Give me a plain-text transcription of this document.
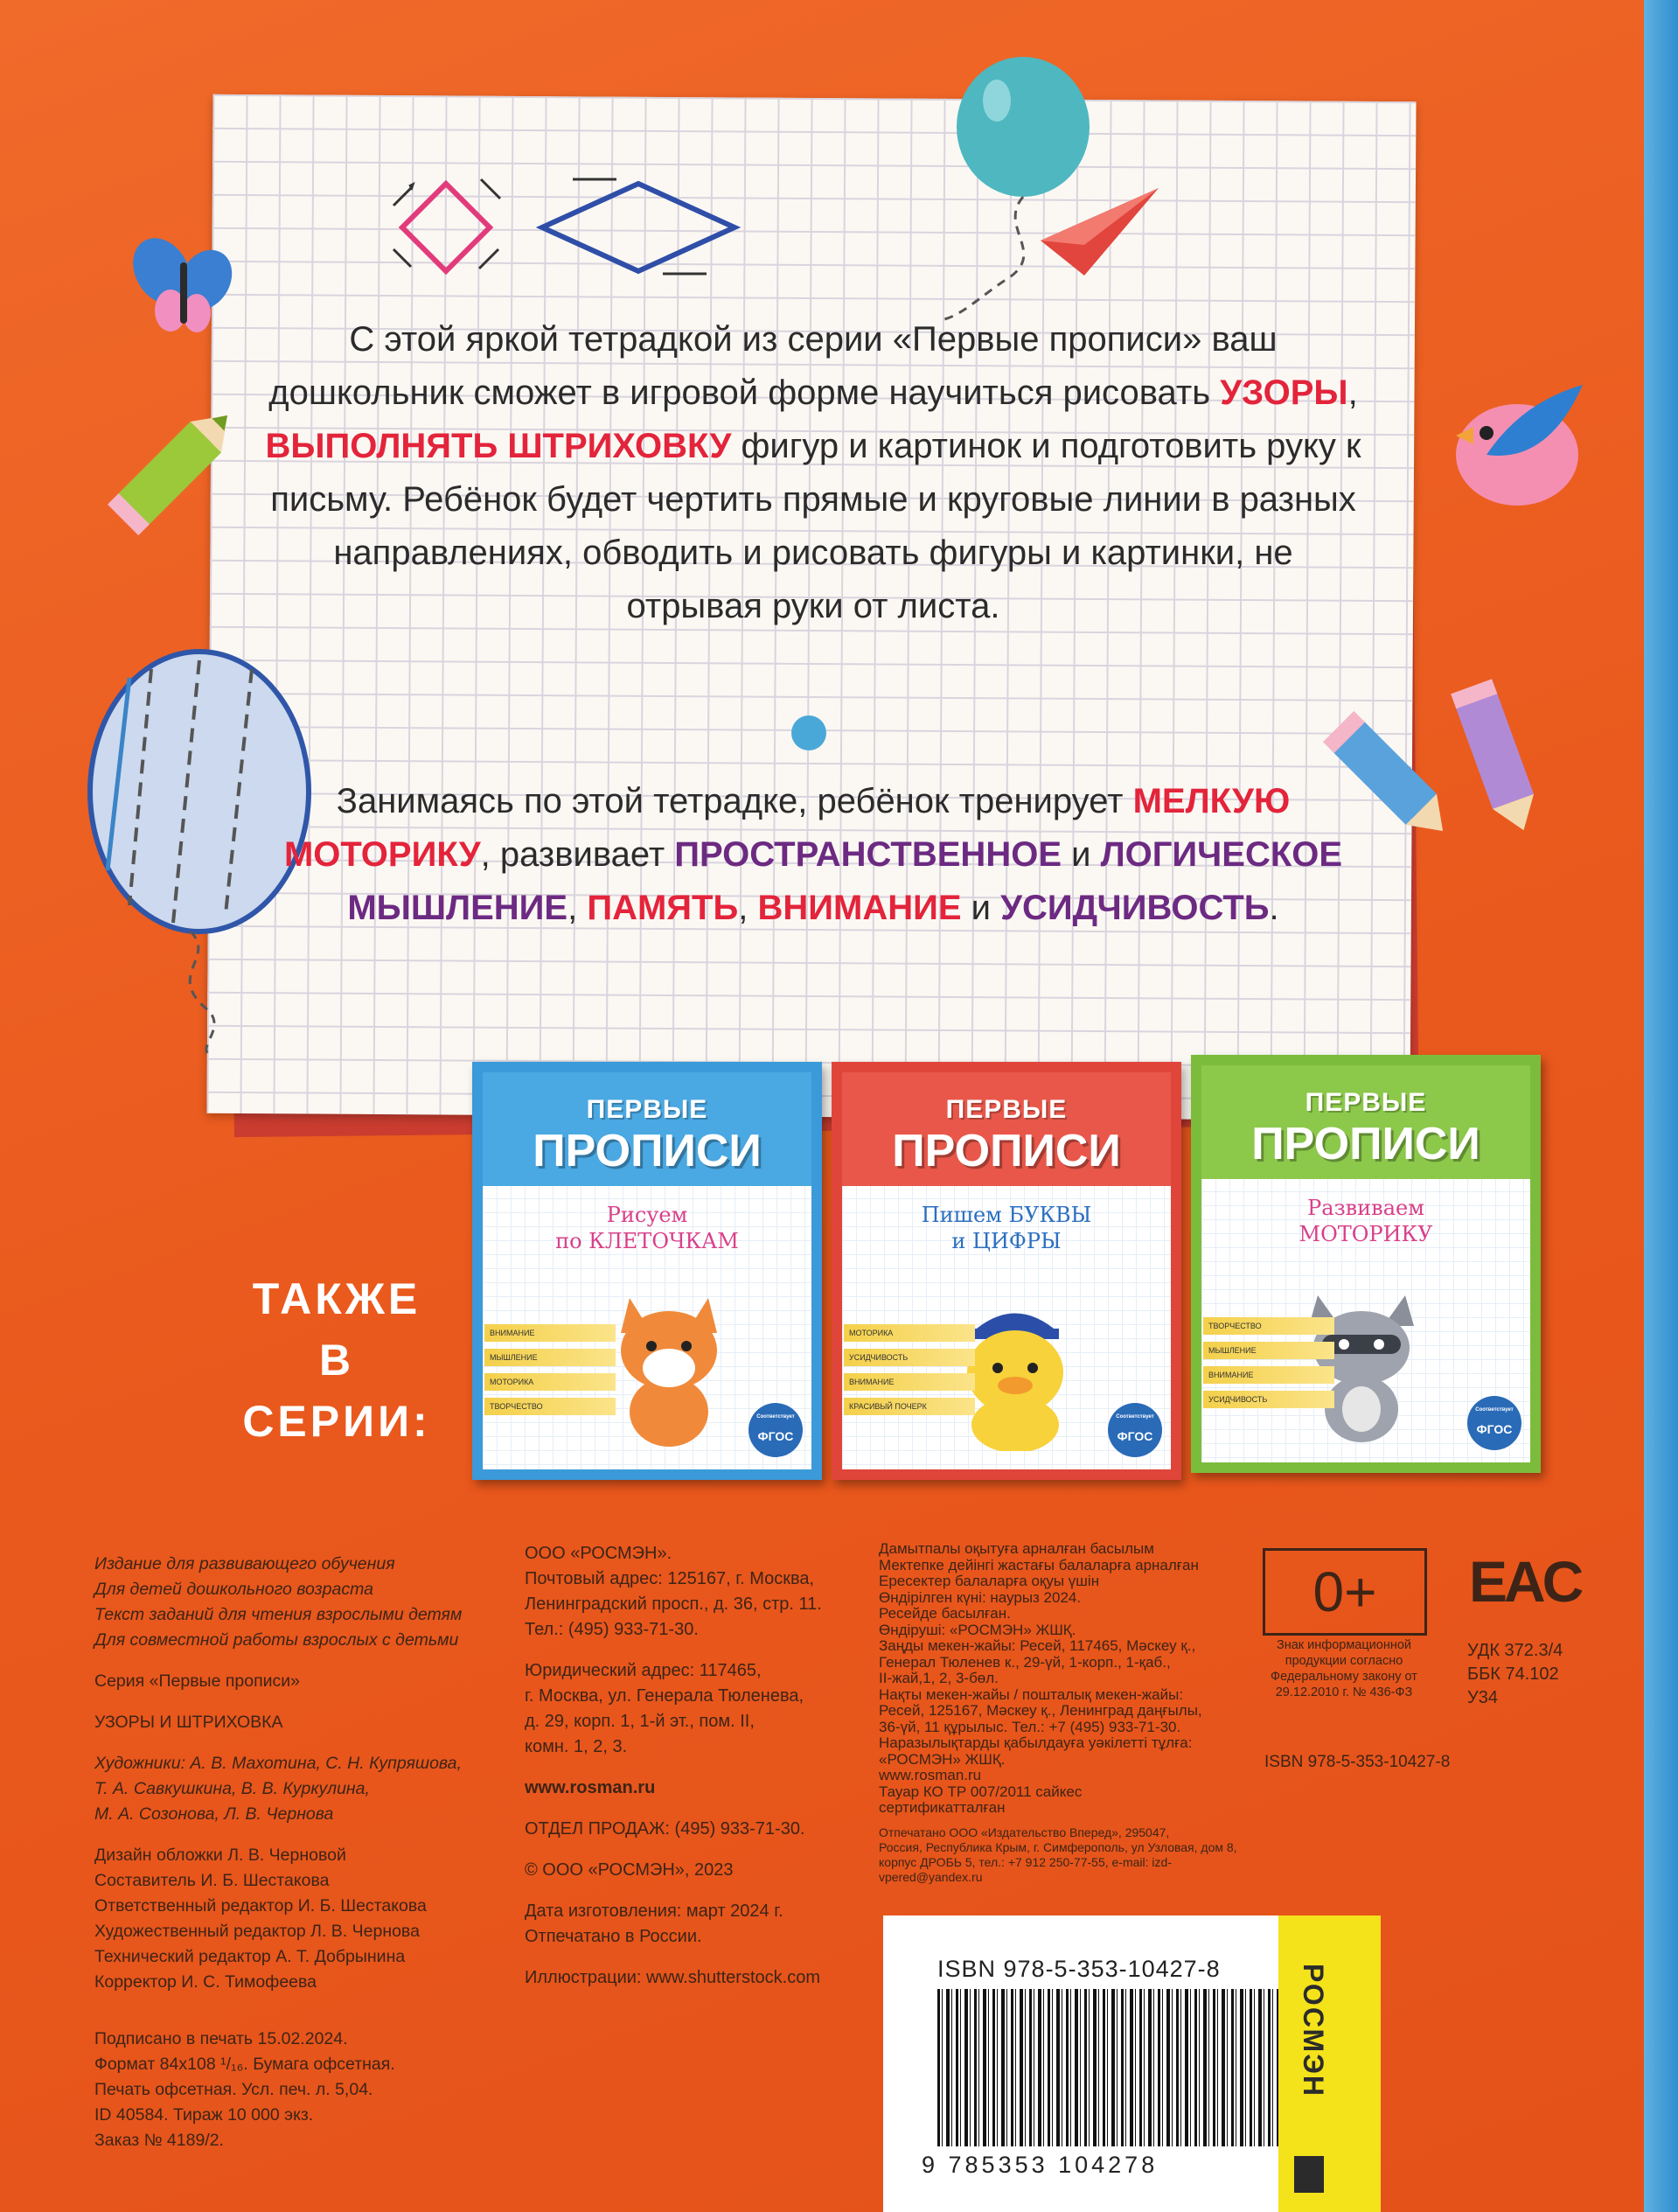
С этой яркой тетрадкой из серии «Первые прописи» ваш дошкольник сможет в игровой форме научиться рисовать УЗОРЫ, ВЫПОЛНЯТЬ ШТРИХОВКУ фигур и картинок и подготовить руку к письму. Ребёнок будет чертить прямые и круговые линии в разных направлениях, обводить и рисовать фигуры и картинки, не отрывая руки от листа.
Занимаясь по этой тетрадке, ребёнок тренирует МЕЛКУЮ МОТОРИКУ, развивает ПРОСТРАНСТВЕННОЕ и ЛОГИЧЕСКОЕ МЫШЛЕНИЕ, ПАМЯТЬ, ВНИМАНИЕ и УСИДЧИВОСТЬ.
ТАКЖЕ
В СЕРИИ:
ПЕРВЫЕ
ПРОПИСИ
Рисуем
по КЛЕТОЧКАМ
ВНИМАНИЕ
МЫШЛЕНИЕ
МОТОРИКА
ТВОРЧЕСТВО
Соответствует
ФГОС
ПЕРВЫЕ
ПРОПИСИ
Пишем БУКВЫ
и ЦИФРЫ
МОТОРИКА
УСИДЧИВОСТЬ
ВНИМАНИЕ
КРАСИВЫЙ ПОЧЕРК
Соответствует
ФГОС
ПЕРВЫЕ
ПРОПИСИ
Развиваем
МОТОРИКУ
ТВОРЧЕСТВО
МЫШЛЕНИЕ
ВНИМАНИЕ
УСИДЧИВОСТЬ
Соответствует
ФГОС
Издание для развивающего обучения
Для детей дошкольного возраста
Текст заданий для чтения взрослыми детям
Для совместной работы взрослых с детьми
Серия «Первые прописи»
УЗОРЫ И ШТРИХОВКА
Художники: А. В. Махотина, С. Н. Купряшова,
Т. А. Савкушкина, В. В. Куркулина,
М. А. Созонова, Л. В. Чернова
Дизайн обложки Л. В. Черновой
Составитель И. Б. Шестакова
Ответственный редактор И. Б. Шестакова
Художественный редактор Л. В. Чернова
Технический редактор А. Т. Добрынина
Корректор И. С. Тимофеева
Подписано в печать 15.02.2024.
Формат 84x108 ¹/₁₆. Бумага офсетная.
Печать офсетная. Усл. печ. л. 5,04.
ID 40584. Тираж 10 000 экз.
Заказ № 4189/2.
ООО «РОСМЭН».
Почтовый адрес: 125167, г. Москва,
Ленинградский просп., д. 36, стр. 11.
Тел.: (495) 933-71-30.
Юридический адрес: 117465,
г. Москва, ул. Генерала Тюленева,
д. 29, корп. 1, 1-й эт., пом. II,
комн. 1, 2, 3.
www.rosman.ru
ОТДЕЛ ПРОДАЖ: (495) 933-71-30.
© ООО «РОСМЭН», 2023
Дата изготовления: март 2024 г.
Отпечатано в России.
Иллюстрации: www.shutterstock.com
Дамытпалы оқытуға арналған басылым
Мектепке дейінгі жастағы балаларға арналған
Ересектер балаларға оқуы үшін
Өндірілген күні: наурыз 2024.
Ресейде басылған.
Өндіруші: «РОСМЭН» ЖШҚ.
Заңды мекен-жайы: Ресей, 117465, Мәскеу қ.,
Генерал Тюленев к., 29-үй, 1-корп., 1-қаб.,
II-жай,1, 2, 3-бөл.
Нақты мекен-жайы / пошталық мекен-жайы:
Ресей, 125167, Мәскеу қ., Ленинград даңғылы,
36-үй, 11 құрылыс. Тел.: +7 (495) 933-71-30.
Наразылықтарды қабылдауға уәкілетті тұлға:
«РОСМЭН» ЖШҚ.
www.rosman.ru
Тауар КО ТР 007/2011 сайкес
сертификатталған
Отпечатано ООО «Издательство Вперед», 295047,
Россия, Республика Крым, г. Симферополь, ул Узловая, дом 8,
корпус ДРОБЬ 5, тел.: +7 912 250-77-55, e-mail: izd-vpered@yandex.ru
0+
Знак информационной продукции согласно Федеральному закону от 29.12.2010 г. № 436-ФЗ
EAC
УДК 372.3/4
ББК 74.102
У34
ISBN 978-5-353-10427-8
ISBN 978-5-353-10427-8
9 785353 104278
РОСМЭН
